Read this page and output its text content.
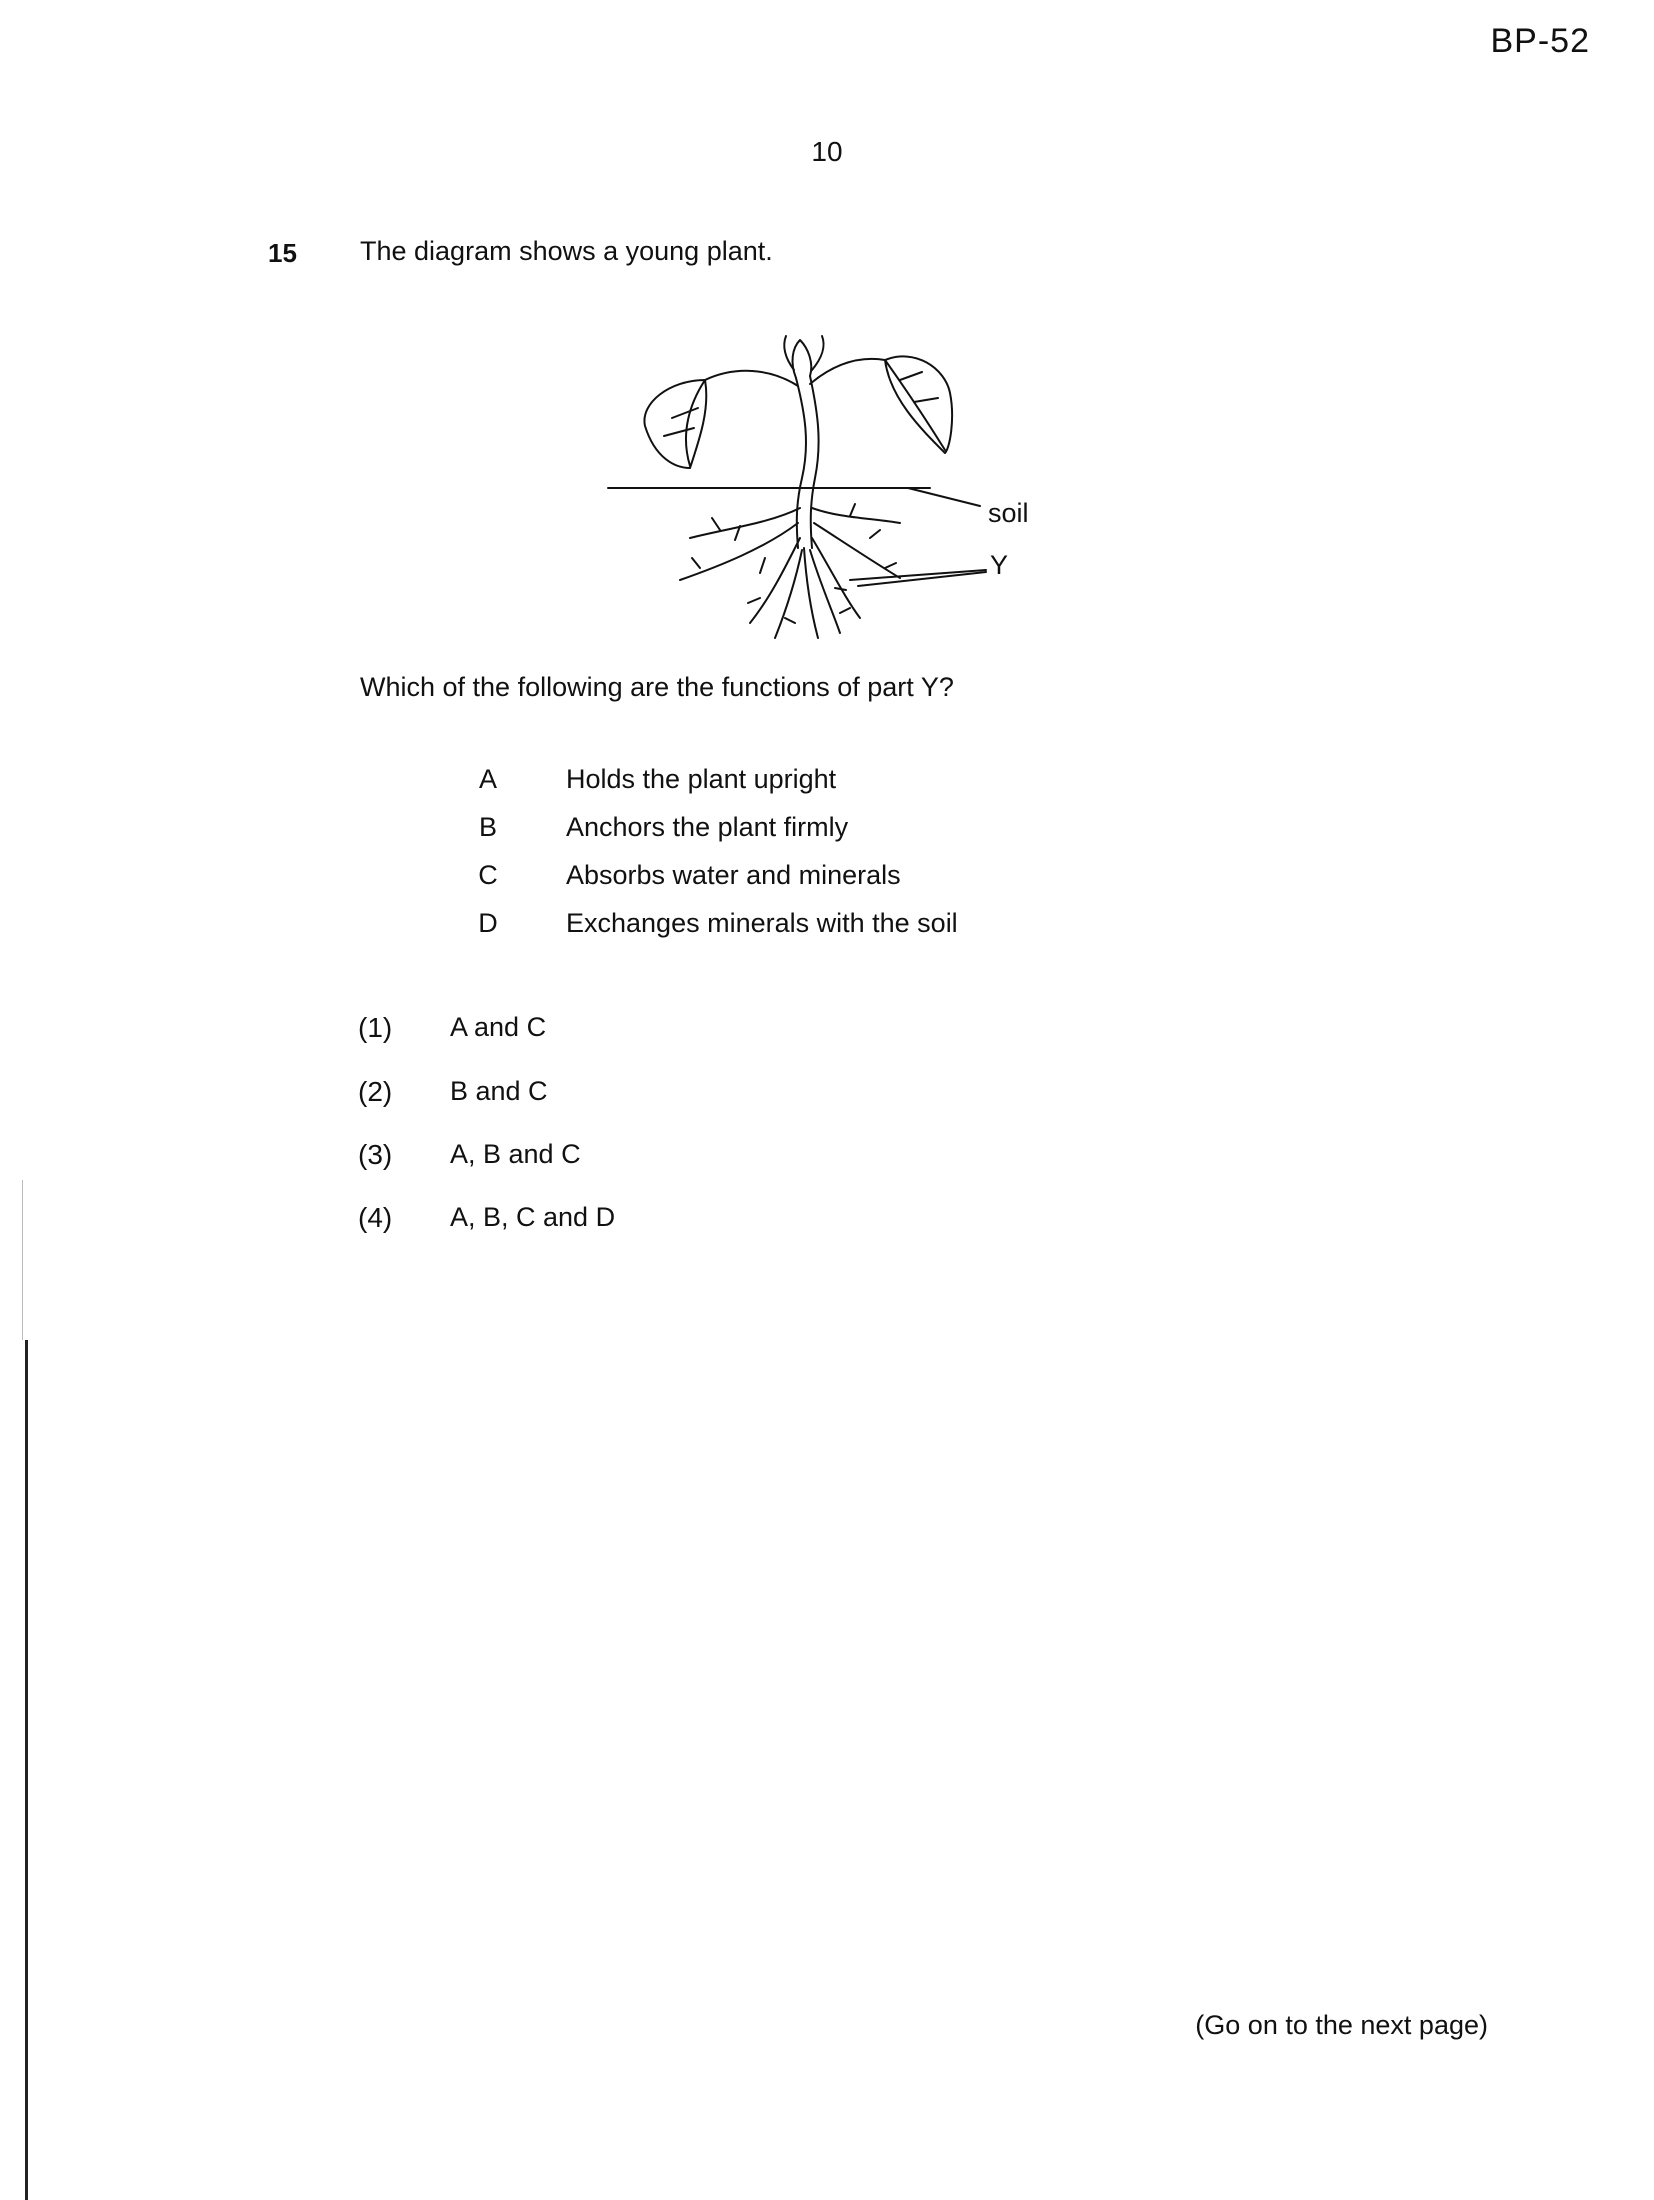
BP-52
10
15 The diagram shows a young plant.
soil
Y
Which of the following are the functions of part Y?
A	Holds the plant upright
B	Anchors the plant firmly
C	Absorbs water and minerals
D	Exchanges minerals with the soil
(1) A and C
(2) B and C
(3) A, B and C
(4) A, B, C and D
(Go on to the next page)
